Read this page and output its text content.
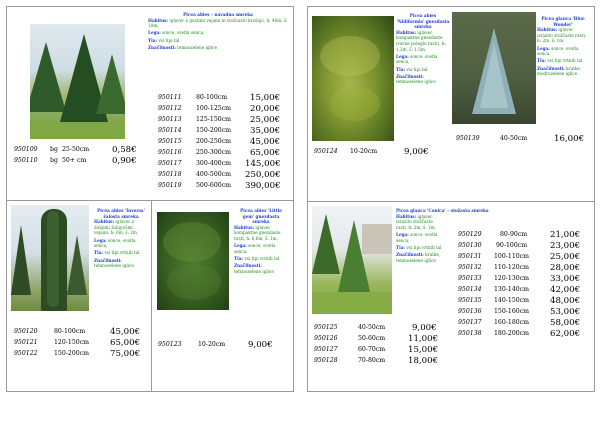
Picea abies – navadna smreka

Habitus: iglavec z gostimi vejami in stožcasto krošnjo, h: 40m, š: 10m,

Lega: sonce, svetla senca,

Tla: vsi tipi tal

Značilnosti: temnozelene iglice

950109 bg 25-50cm	0,58€
950110 bg 50+ cm	0,90€
950111 80-100cm	15,00€
950112 100-125cm 20,00€
950113 125-150cm 25,00€
950114 150-200cm 35,00€
950115 200-250cm 45,00€
950116 250-300cm 65,00€
950117 300-400cm 145,00€
950118 400-500cm 250,00€
950119 500-600cm 390,00€
Picea abies 'Nidiformis' gnezdasta smreka

Habitus: iglavec kompaktne gnezdaste (ravne poleglo rasti), h: 1,2m, š: 1,5m,

Lega: sonce, svetla senca,

Tla: vsi tipi tal

Značilnosti: temnozelene iglice

950124 10-20cm	9,00€
Picea glauca 'Blue Wonder'

Habitus: iglavec izrazito stožčaste rasti, h: 2m, š: 1m,

Lega: sonce, svetla senca,

Tla: vsi tipi vrtnih tal

Značilnosti: kratke, modrozelene iglice

950139	40-50cm	16,00€
Picea abies 'Inversa' žalosta smreka

Habitus: iglavec z dolgimi žalujočimi vejami, h: 6m, š: 2m,

Lega: sonce, svetla senca,

Tla: vsi tipi vrtnih tal

Značilnosti: temnozelene iglice

950120	80-100cm	45,00€
950121	120-150cm 65,00€
950122	150-200cm 75,00€
Picea abies 'Little gem' gnezdasta smreka

Habitus: iglavec kompaktne gnezdaste rasti, h: 0,6m, š: 1m,

Lega: sonce, svetla senca,

Tla: vsi tipi vrtnih tal

Značilnosti: temnozelene iglice

950123	10-20cm	9,00€
Picea glauca 'Conica' – stožasta smreka

Habitus: iglavec izrazito stožčaste rasti, h: 2m, š: 1m,

Lega: sonce, svetla senca,

Tla: vsi tipi vrtnih tal

Značilnosti: kratke, temnozelene iglice

950125	40-50cm	9,00€
950126	50-60cm	11,00€
950127	60-70cm	15,00€
950128	70-80cm	18,00€
950129	80-90cm	21,00€
950130 90-100cm	23,00€
950131 100-110cm 25,00€
950132 110-120cm 28,00€
950133 120-130cm 33,00€
950134 130-140cm 42,00€
950135 140-150cm 48,00€
950136 150-160cm 53,00€
950137 160-180cm 58,00€
950138 180-200cm 62,00€
